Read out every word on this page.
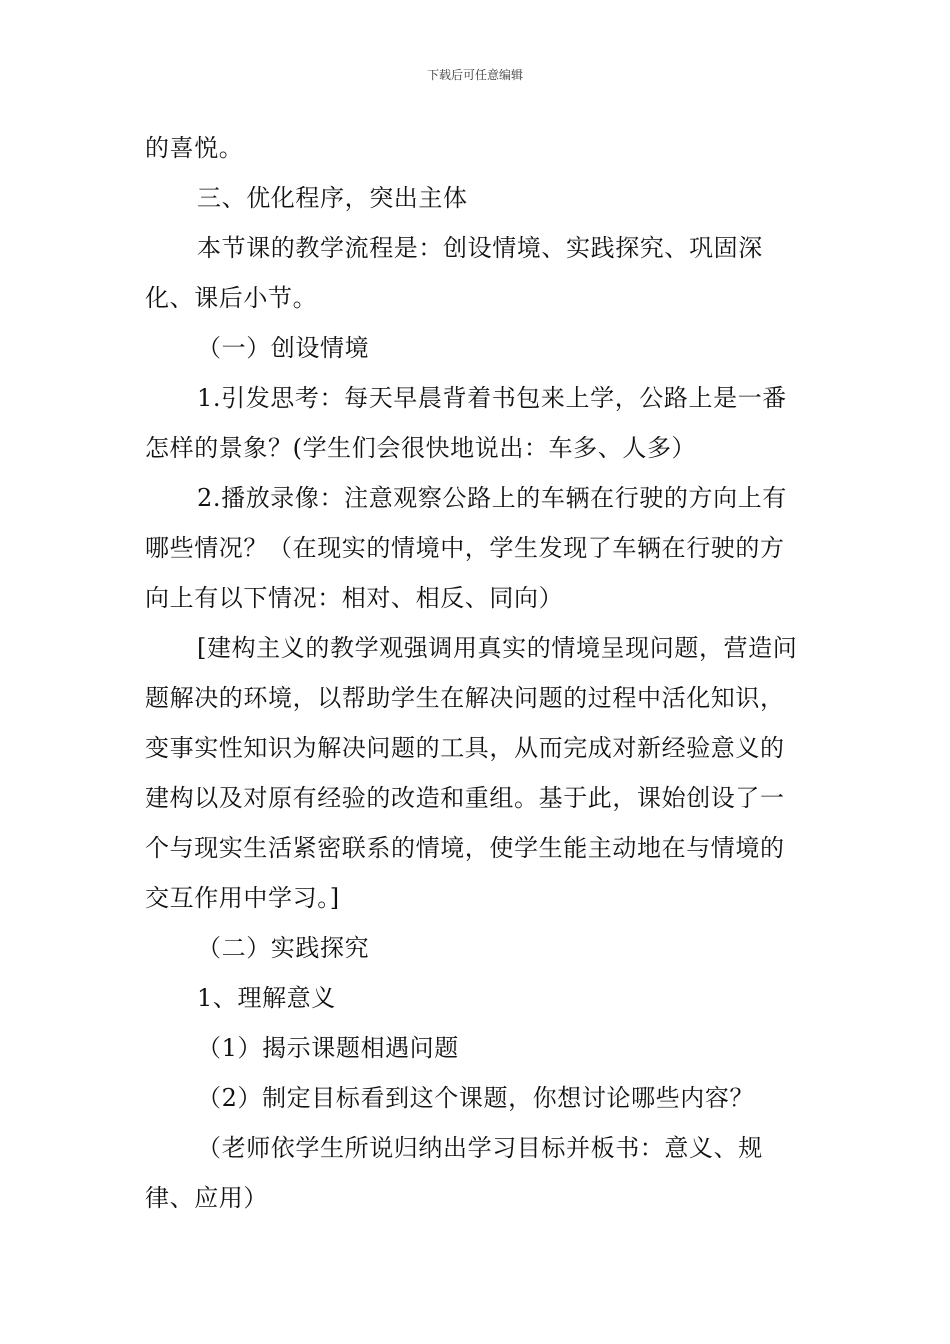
下载后可任意编辑

的喜悦。

三、优化程序，突出主体

本节课的教学流程是：创设情境、实践探究、巩固深化、课后小节。

（一）创设情境

1.引发思考：每天早晨背着书包来上学，公路上是一番怎样的景象？(学生们会很快地说出：车多、人多）

2.播放录像：注意观察公路上的车辆在行驶的方向上有哪些情况？（在现实的情境中，学生发现了车辆在行驶的方向上有以下情况：相对、相反、同向）

[建构主义的教学观强调用真实的情境呈现问题，营造问题解决的环境，以帮助学生在解决问题的过程中活化知识，变事实性知识为解决问题的工具，从而完成对新经验意义的建构以及对原有经验的改造和重组。基于此，课始创设了一个与现实生活紧密联系的情境，使学生能主动地在与情境的交互作用中学习。]

（二）实践探究

1、理解意义

（1）揭示课题相遇问题

（2）制定目标看到这个课题，你想讨论哪些内容？

（老师依学生所说归纳出学习目标并板书：意义、规律、应用）
